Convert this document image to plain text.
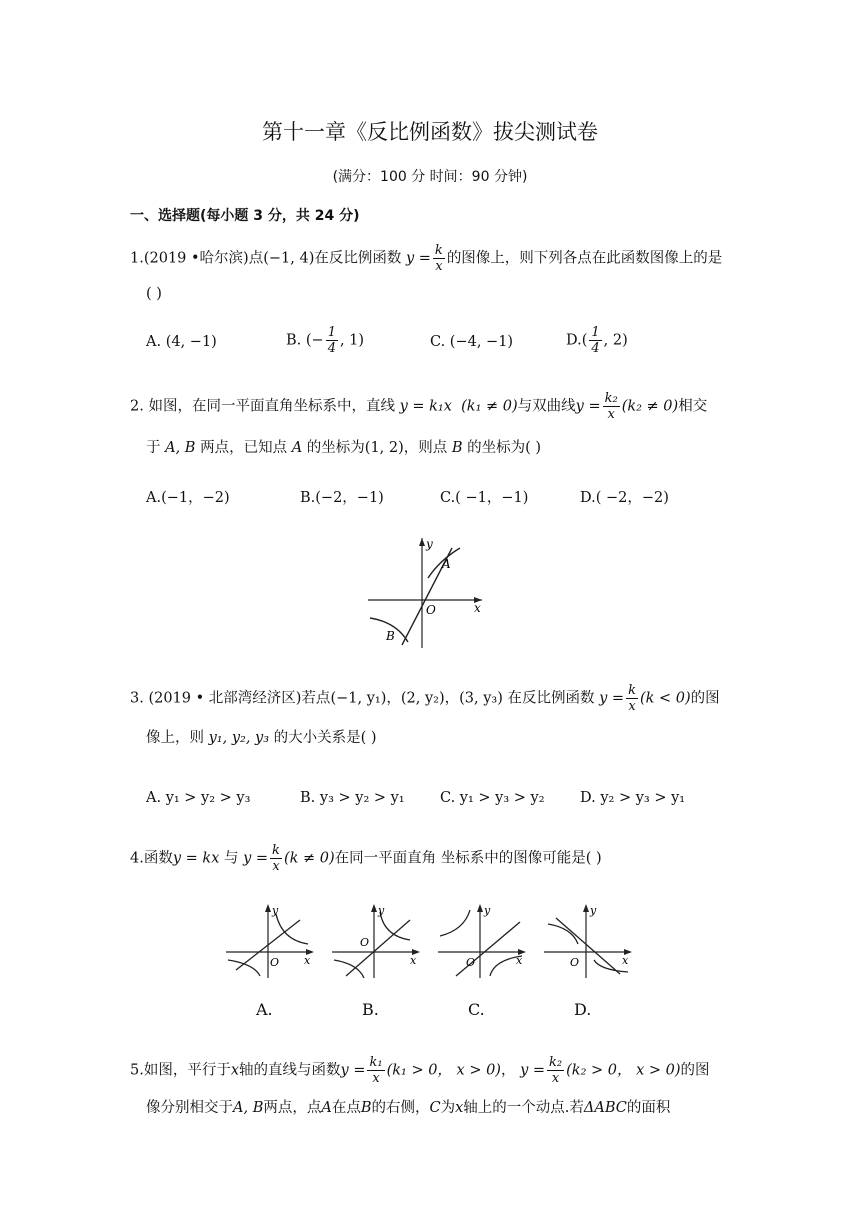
第十一章《反比例函数》拔尖测试卷
(满分：100 分 时间：90 分钟)
一、选择题(每小题 3 分，共 24 分)
1.(2019 •哈尔滨)点(−1, 4)在反比例函数 $y = \frac{k}{x}$ 的图像上，则下列各点在此函数图像上的是
( )
A. (4, −1)	B. (− $\frac{1}{4}$ , 1)	C. (−4, −1)	$D.( \frac{1}{4}$ , 2)
2. 如图，在同一平面直角坐标系中，直线 y = k₁x (k₁ ≠ 0)与双曲线$y = \frac{\text{k₂}}{x} (k_2 \ne 0)$相交
于 A, B 两点，已知点 A 的坐标为(1, 2)，则点 B 的坐标为( )
A.(−1，−2)	B.(−2，−1)	C.( −1，−1)	D.( −2，−2)
y
x
O
A
B
3. (2019 • 北部湾经济区)若点(−1, y₁)，(2, y₂)，(3, y₃) 在反比例函数 $y = \frac{k}{x} (k < 0)$的图
像上，则 y₁, y₂, y₃ 的大小关系是( )
A. y₁ > y₂ > y₃	B. y₃ > y₂ > y₁ C. y₁ > y₃ > y₂ D. y₂ > y₃ > y₁
4.函数y = kx 与 $y = \frac{k}{x} (k \ne 0)$在同一平面直角 坐标系中的图像可能是( )
y
x
O
y
x
O
y
x
O
y
x
O
A.	B.	C.	D.
5.如图，平行于x轴的直线与函数$y = \frac{\text{k₁}}{x} (k_1 > 0$， x > 0)， $y = \frac{\text{k₂}}{x} (k_2 > 0$， x > 0)的图
像分别相交于A, B两点，点A在点B的右侧，C为x轴上的一个动点.若ΔABC的面积
